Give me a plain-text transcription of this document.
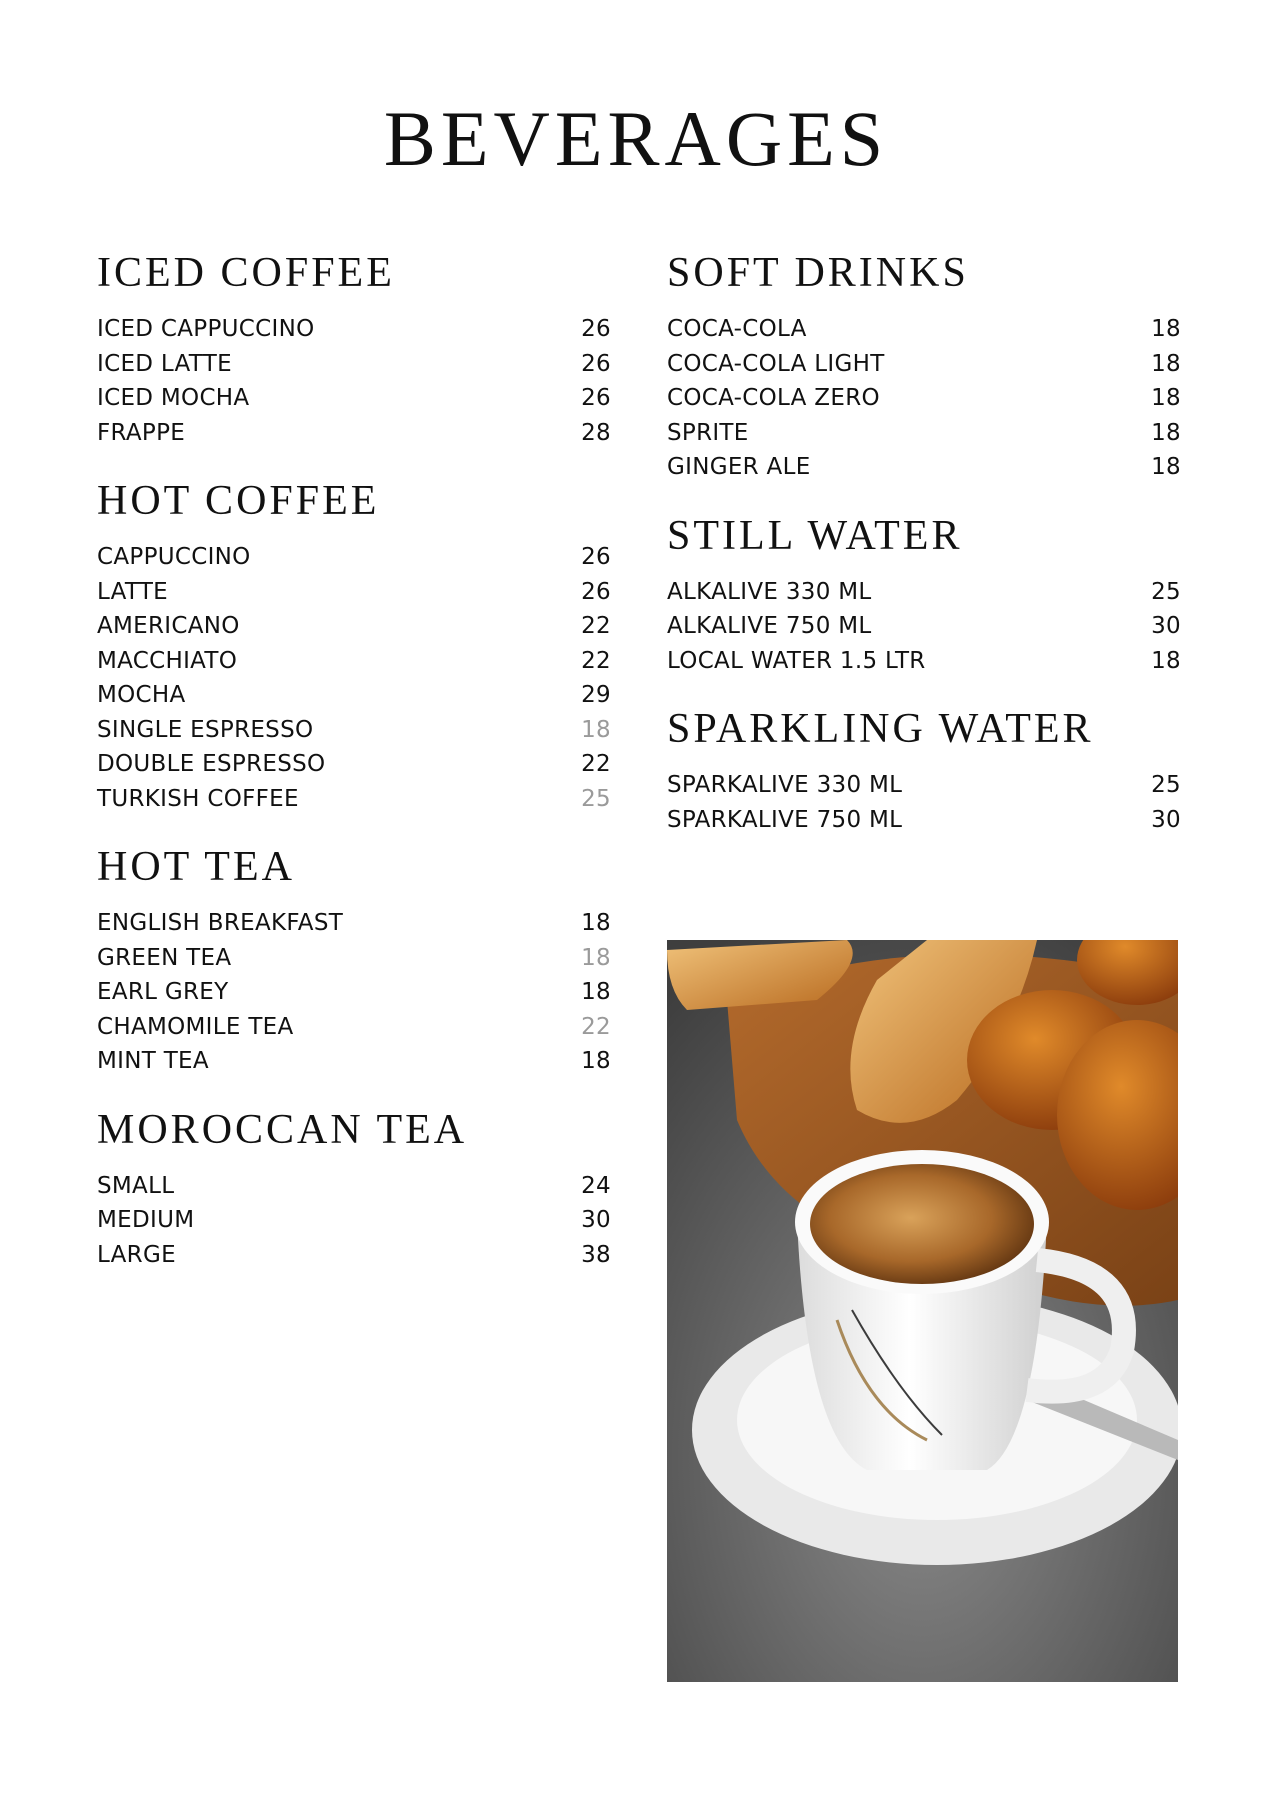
BEVERAGES
ICED COFFEE
ICED CAPPUCCINO	26
ICED LATTE	26
ICED MOCHA	26
FRAPPE	28
HOT COFFEE
CAPPUCCINO	26
LATTE	26
AMERICANO	22
MACCHIATO	22
MOCHA	29
SINGLE ESPRESSO	18
DOUBLE ESPRESSO	22
TURKISH COFFEE	25
HOT TEA
ENGLISH BREAKFAST	18
GREEN TEA	18
EARL GREY	18
CHAMOMILE TEA	22
MINT TEA	18
MOROCCAN TEA
SMALL	24
MEDIUM	30
LARGE	38
SOFT DRINKS
COCA-COLA	18
COCA-COLA LIGHT	18
COCA-COLA ZERO	18
SPRITE	18
GINGER ALE	18
STILL WATER
ALKALIVE 330 ML	25
ALKALIVE 750 ML	30
LOCAL WATER 1.5 LTR	18
SPARKLING WATER
SPARKALIVE 330 ML	25
SPARKALIVE 750 ML	30
